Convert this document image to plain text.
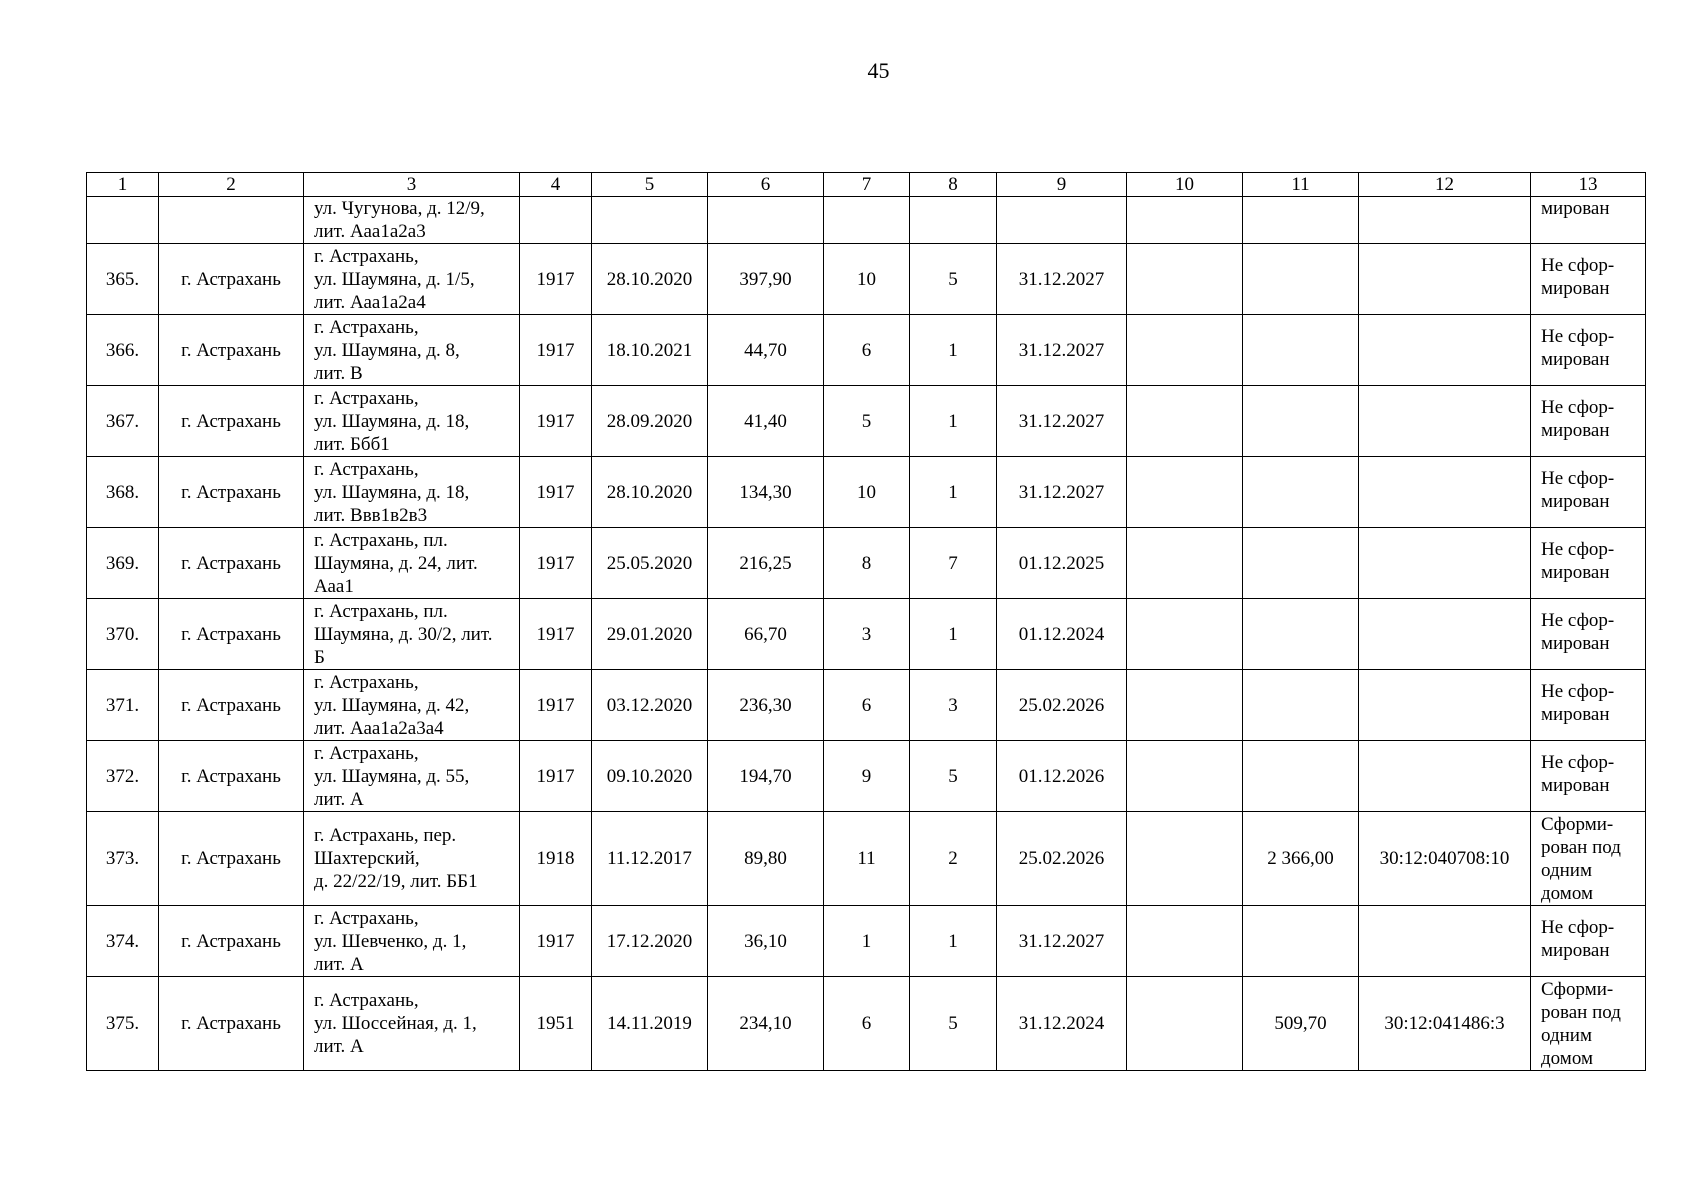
45
1	2	3	4	5	6	7	8	9	10	11	12	13

		ул. Чугунова, д. 12/9,
лит. Ааа1а2а3										мирован

365.	г. Астрахань	г. Астрахань,
ул. Шаумяна, д. 1/5,
лит. Ааа1а2а4	1917	28.10.2020	397,90	10	5	31.12.2027				Не сфор-
мирован

366.	г. Астрахань	г. Астрахань,
ул. Шаумяна, д. 8,
лит. В	1917	18.10.2021	44,70	6	1	31.12.2027				Не сфор-
мирован

367.	г. Астрахань	г. Астрахань,
ул. Шаумяна, д. 18,
лит. Ббб1	1917	28.09.2020	41,40	5	1	31.12.2027				Не сфор-
мирован

368.	г. Астрахань	г. Астрахань,
ул. Шаумяна, д. 18,
лит. Ввв1в2в3	1917	28.10.2020	134,30	10	1	31.12.2027				Не сфор-
мирован

369.	г. Астрахань	г. Астрахань, пл.
Шаумяна, д. 24, лит.
Ааа1	1917	25.05.2020	216,25	8	7	01.12.2025				Не сфор-
мирован

370.	г. Астрахань	г. Астрахань, пл.
Шаумяна, д. 30/2, лит.
Б	1917	29.01.2020	66,70	3	1	01.12.2024				Не сфор-
мирован

371.	г. Астрахань	г. Астрахань,
ул. Шаумяна, д. 42,
лит. Ааа1а2а3а4	1917	03.12.2020	236,30	6	3	25.02.2026				Не сфор-
мирован

372.	г. Астрахань	г. Астрахань,
ул. Шаумяна, д. 55,
лит. А	1917	09.10.2020	194,70	9	5	01.12.2026				Не сфор-
мирован

373.	г. Астрахань	г. Астрахань, пер.
Шахтерский,
д. 22/22/19, лит. ББ1	1918	11.12.2017	89,80	11	2	25.02.2026		2 366,00	30:12:040708:10	Сформи-
рован под
одним
домом

374.	г. Астрахань	г. Астрахань,
ул. Шевченко, д. 1,
лит. А	1917	17.12.2020	36,10	1	1	31.12.2027				Не сфор-
мирован

375.	г. Астрахань	г. Астрахань,
ул. Шоссейная, д. 1,
лит. А	1951	14.11.2019	234,10	6	5	31.12.2024		509,70	30:12:041486:3	Сформи-
рован под
одним
домом
